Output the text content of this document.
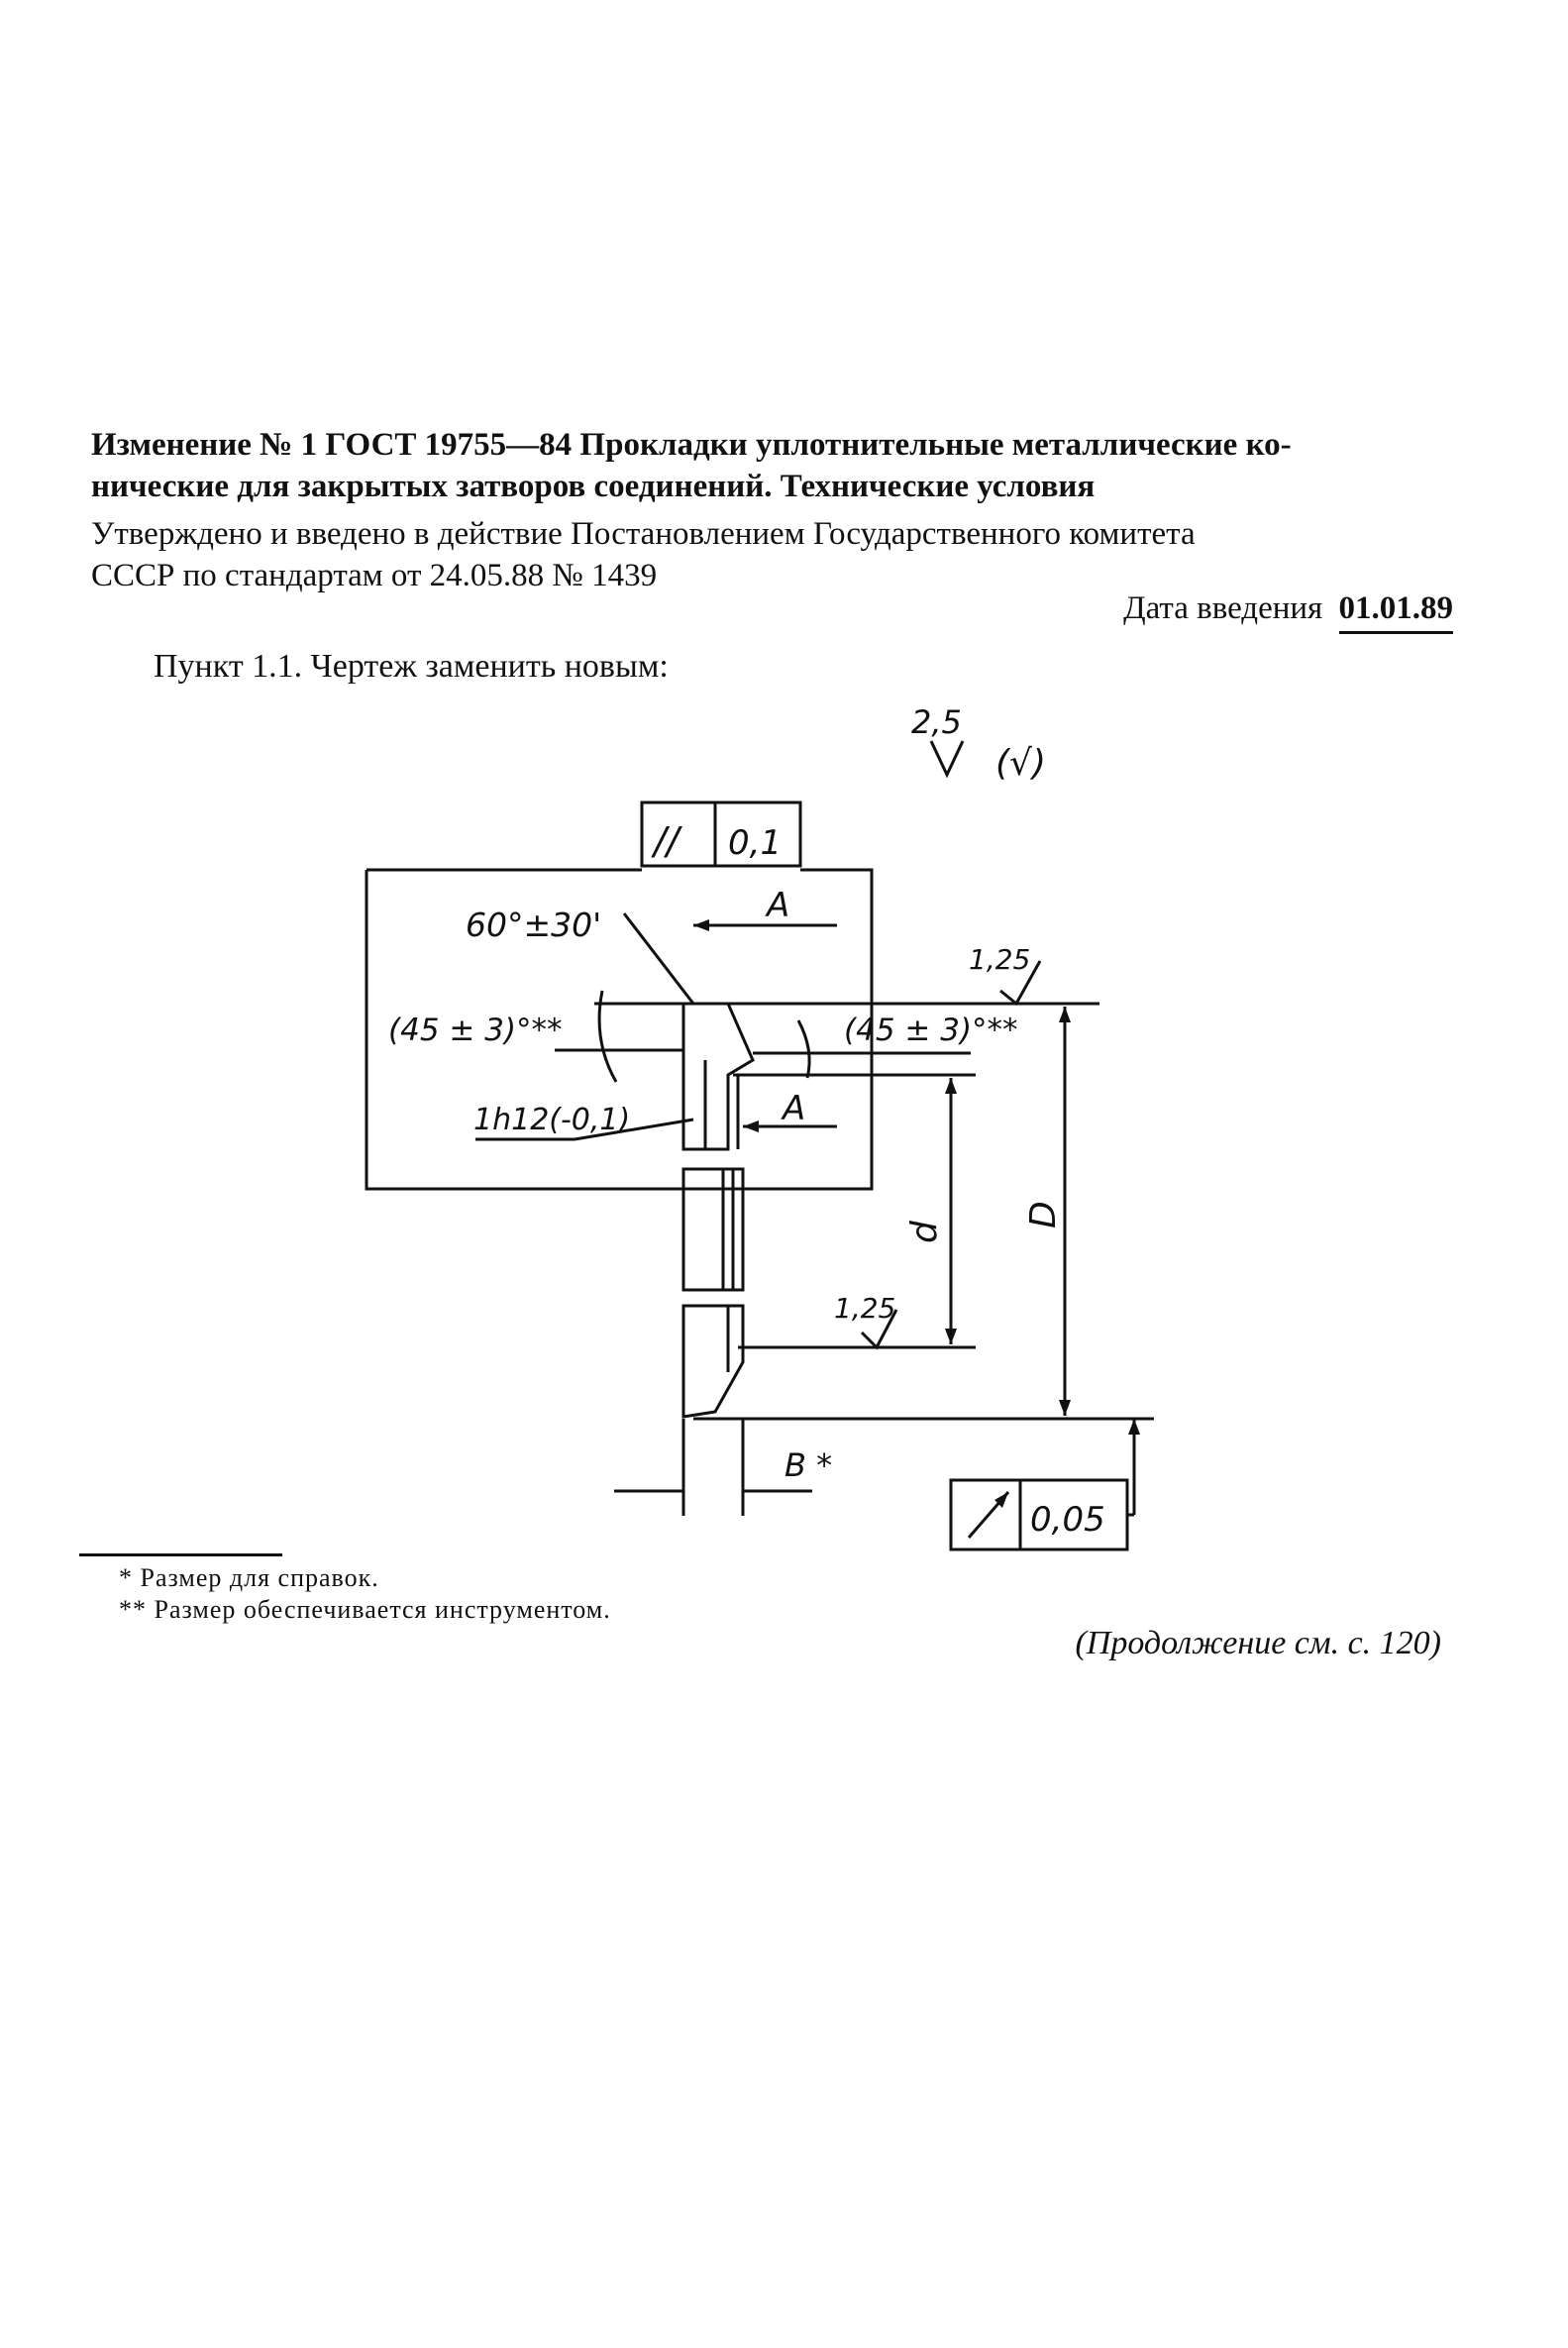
Изменение № 1 ГОСТ 19755—84 Прокладки уплотнительные металлические ко-
нические для закрытых затворов соединений. Технические условия
Утверждено и введено в действие Постановлением Государственного комитета
СССР по стандартам от 24.05.88 № 1439
Дата введения 01.01.89
Пункт 1.1. Чертеж заменить новым:
2,5
(√)
// 0,1
A
60°±30'
(45 ± 3)°**	(45 ± 3)°**
1,25
1h12(-0,1)	A
d
D
1,25
B *
0,05
* Размер для справок.
** Размер обеспечивается инструментом.
(Продолжение см. с. 120)
